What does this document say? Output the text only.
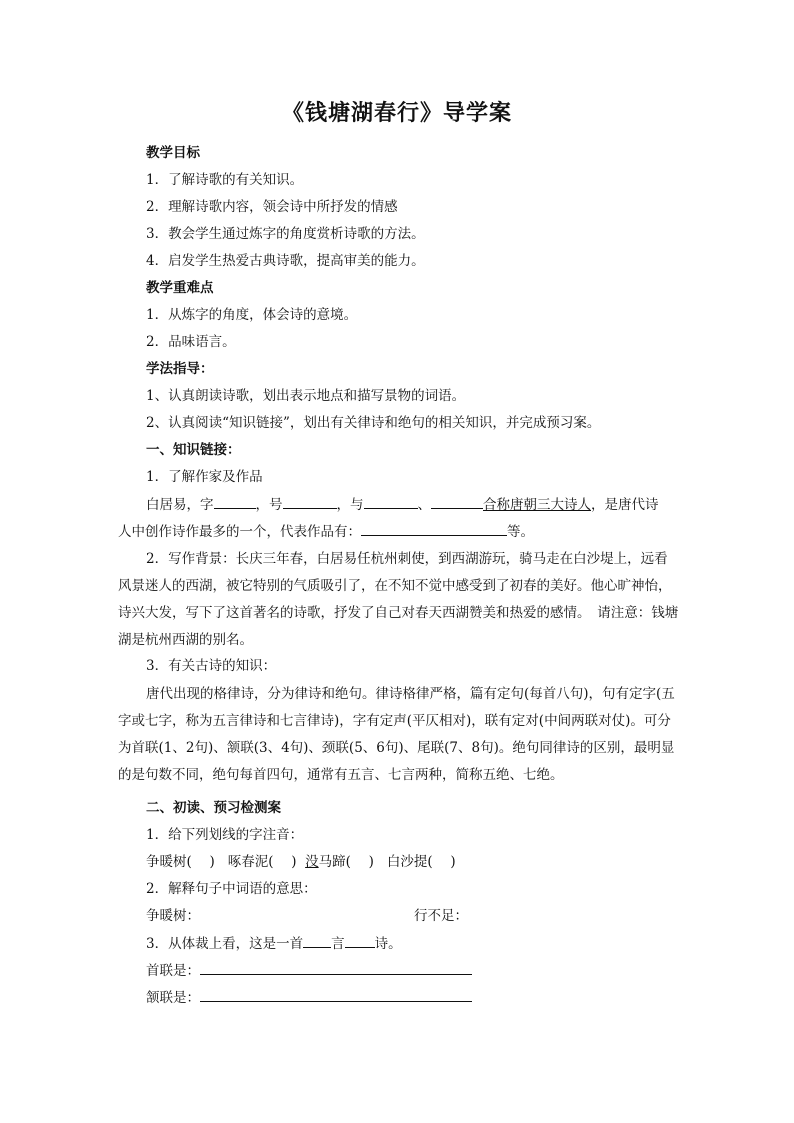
《钱塘湖春行》导学案
教学目标
1．了解诗歌的有关知识。
2．理解诗歌内容，领会诗中所抒发的情感
3．教会学生通过炼字的角度赏析诗歌的方法。
4．启发学生热爱古典诗歌，提高审美的能力。
教学重难点
1．从炼字的角度，体会诗的意境。
2．品味语言。
学法指导：
1、认真朗读诗歌，划出表示地点和描写景物的词语。
2、认真阅读“知识链接”，划出有关律诗和绝句的相关知识，并完成预习案。
一、知识链接：
1．了解作家及作品
白居易，字	，号	，与	、	合称唐朝三大诗人，是唐代诗
人中创作诗作最多的一个，代表作品有：	等。
2．写作背景：长庆三年春，白居易任杭州刺使，到西湖游玩，骑马走在白沙堤上，远看风景迷人的西湖，被它特别的气质吸引了，在不知不觉中感受到了初春的美好。他心旷神怡，诗兴大发，写下了这首著名的诗歌，抒发了自己对春天西湖赞美和热爱的感情。　请注意：钱塘湖是杭州西湖的别名。
3．有关古诗的知识：
唐代出现的格律诗，分为律诗和绝句。律诗格律严格，篇有定句(每首八句)，句有定字(五字或七字，称为五言律诗和七言律诗)，字有定声(平仄相对)，联有定对(中间两联对仗)。可分为首联(1、2句)、颔联(3、4句)、颈联(5、6句)、尾联(7、8句)。绝句同律诗的区别，最明显的是句数不同，绝句每首四句，通常有五言、七言两种，简称五绝、七绝。
二、初读、预习检测案
1．给下列划线的字注音：
争暖树(　 ) 啄春泥(　 ) 没马蹄(　 ) 白沙提(　 )
2．解释句子中词语的意思：
争暖树：	行不足：
3．从体裁上看，这是一首 言 诗。
首联是：
颔联是：
